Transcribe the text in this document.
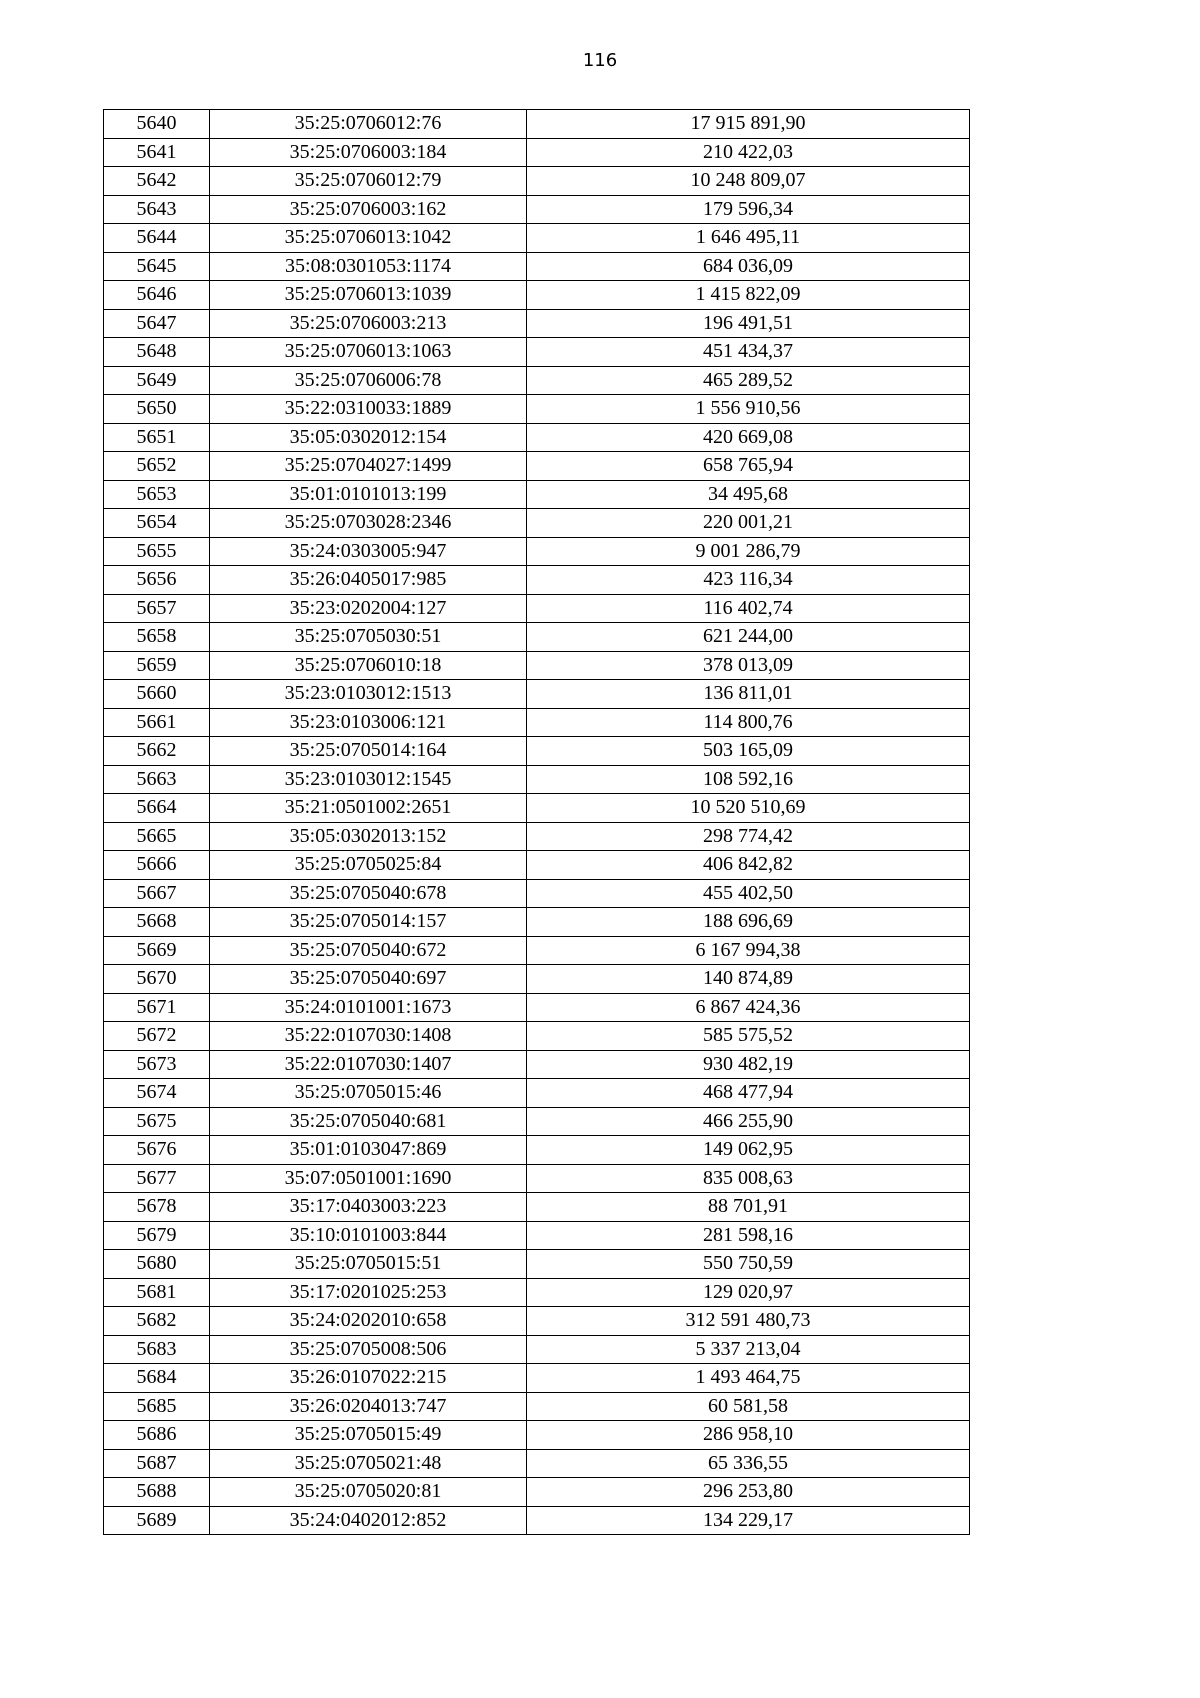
116
5640	35:25:0706012:76	17 915 891,90
5641	35:25:0706003:184	210 422,03
5642	35:25:0706012:79	10 248 809,07
5643	35:25:0706003:162	179 596,34
5644	35:25:0706013:1042	1 646 495,11
5645	35:08:0301053:1174	684 036,09
5646	35:25:0706013:1039	1 415 822,09
5647	35:25:0706003:213	196 491,51
5648	35:25:0706013:1063	451 434,37
5649	35:25:0706006:78	465 289,52
5650	35:22:0310033:1889	1 556 910,56
5651	35:05:0302012:154	420 669,08
5652	35:25:0704027:1499	658 765,94
5653	35:01:0101013:199	34 495,68
5654	35:25:0703028:2346	220 001,21
5655	35:24:0303005:947	9 001 286,79
5656	35:26:0405017:985	423 116,34
5657	35:23:0202004:127	116 402,74
5658	35:25:0705030:51	621 244,00
5659	35:25:0706010:18	378 013,09
5660	35:23:0103012:1513	136 811,01
5661	35:23:0103006:121	114 800,76
5662	35:25:0705014:164	503 165,09
5663	35:23:0103012:1545	108 592,16
5664	35:21:0501002:2651	10 520 510,69
5665	35:05:0302013:152	298 774,42
5666	35:25:0705025:84	406 842,82
5667	35:25:0705040:678	455 402,50
5668	35:25:0705014:157	188 696,69
5669	35:25:0705040:672	6 167 994,38
5670	35:25:0705040:697	140 874,89
5671	35:24:0101001:1673	6 867 424,36
5672	35:22:0107030:1408	585 575,52
5673	35:22:0107030:1407	930 482,19
5674	35:25:0705015:46	468 477,94
5675	35:25:0705040:681	466 255,90
5676	35:01:0103047:869	149 062,95
5677	35:07:0501001:1690	835 008,63
5678	35:17:0403003:223	88 701,91
5679	35:10:0101003:844	281 598,16
5680	35:25:0705015:51	550 750,59
5681	35:17:0201025:253	129 020,97
5682	35:24:0202010:658	312 591 480,73
5683	35:25:0705008:506	5 337 213,04
5684	35:26:0107022:215	1 493 464,75
5685	35:26:0204013:747	60 581,58
5686	35:25:0705015:49	286 958,10
5687	35:25:0705021:48	65 336,55
5688	35:25:0705020:81	296 253,80
5689	35:24:0402012:852	134 229,17
